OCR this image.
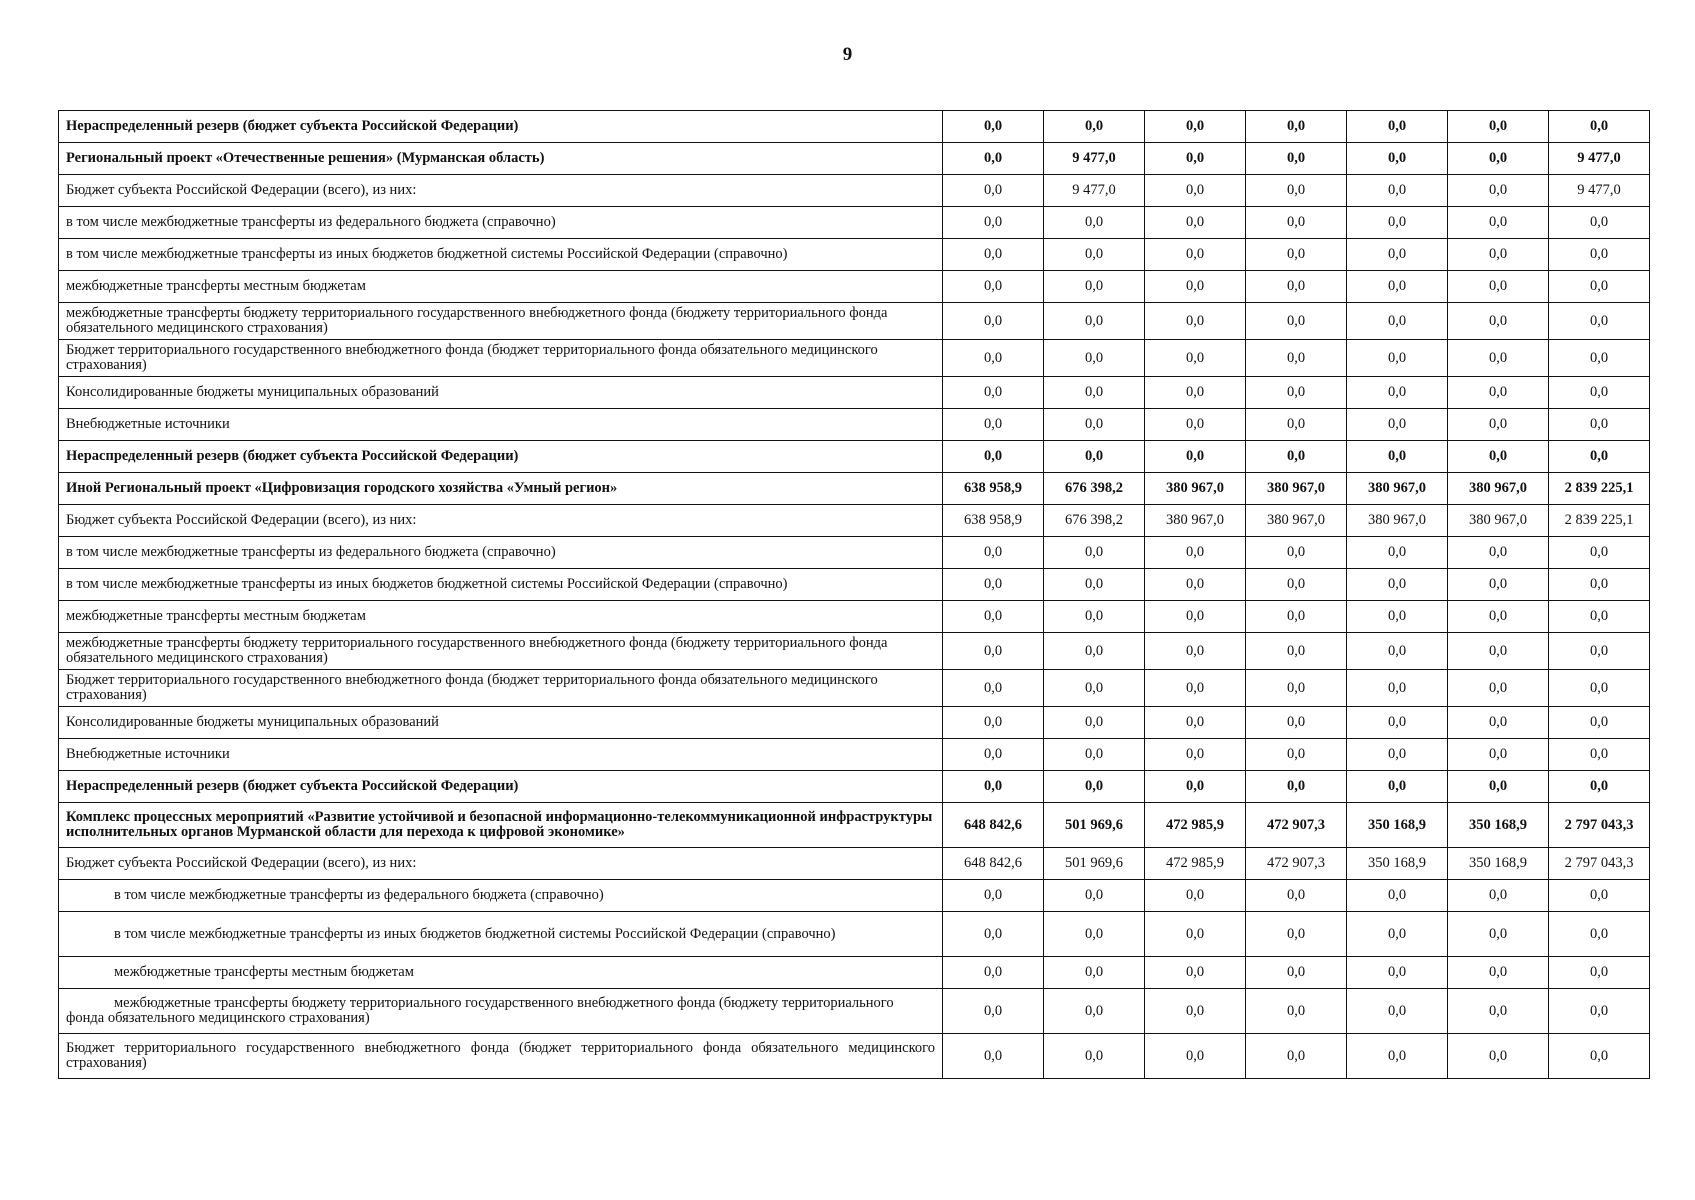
9
Нераспределенный резерв (бюджет субъекта Российской Федерации)	0,0	0,0	0,0	0,0	0,0	0,0	0,0
Региональный проект «Отечественные решения» (Мурманская область)	0,0	9 477,0	0,0	0,0	0,0	0,0	9 477,0
Бюджет субъекта Российской Федерации (всего), из них:	0,0	9 477,0	0,0	0,0	0,0	0,0	9 477,0
в том числе межбюджетные трансферты из федерального бюджета (справочно)	0,0	0,0	0,0	0,0	0,0	0,0	0,0
в том числе межбюджетные трансферты из иных бюджетов бюджетной системы Российской Федерации (справочно)	0,0	0,0	0,0	0,0	0,0	0,0	0,0
межбюджетные трансферты местным бюджетам	0,0	0,0	0,0	0,0	0,0	0,0	0,0
межбюджетные трансферты бюджету территориального государственного внебюджетного фонда (бюджету территориального фонда обязательного медицинского страхования)	0,0	0,0	0,0	0,0	0,0	0,0	0,0
Бюджет территориального государственного внебюджетного фонда (бюджет территориального фонда обязательного медицинского страхования)	0,0	0,0	0,0	0,0	0,0	0,0	0,0
Консолидированные бюджеты муниципальных образований	0,0	0,0	0,0	0,0	0,0	0,0	0,0
Внебюджетные источники	0,0	0,0	0,0	0,0	0,0	0,0	0,0
Нераспределенный резерв (бюджет субъекта Российской Федерации)	0,0	0,0	0,0	0,0	0,0	0,0	0,0
Иной Региональный проект «Цифровизация городского хозяйства «Умный регион»	638 958,9	676 398,2	380 967,0	380 967,0	380 967,0	380 967,0	2 839 225,1
Бюджет субъекта Российской Федерации (всего), из них:	638 958,9	676 398,2	380 967,0	380 967,0	380 967,0	380 967,0	2 839 225,1
в том числе межбюджетные трансферты из федерального бюджета (справочно)	0,0	0,0	0,0	0,0	0,0	0,0	0,0
в том числе межбюджетные трансферты из иных бюджетов бюджетной системы Российской Федерации (справочно)	0,0	0,0	0,0	0,0	0,0	0,0	0,0
межбюджетные трансферты местным бюджетам	0,0	0,0	0,0	0,0	0,0	0,0	0,0
межбюджетные трансферты бюджету территориального государственного внебюджетного фонда (бюджету территориального фонда обязательного медицинского страхования)	0,0	0,0	0,0	0,0	0,0	0,0	0,0
Бюджет территориального государственного внебюджетного фонда (бюджет территориального фонда обязательного медицинского страхования)	0,0	0,0	0,0	0,0	0,0	0,0	0,0
Консолидированные бюджеты муниципальных образований	0,0	0,0	0,0	0,0	0,0	0,0	0,0
Внебюджетные источники	0,0	0,0	0,0	0,0	0,0	0,0	0,0
Нераспределенный резерв (бюджет субъекта Российской Федерации)	0,0	0,0	0,0	0,0	0,0	0,0	0,0
Комплекс процессных мероприятий «Развитие устойчивой и безопасной информационно-телекоммуникационной инфраструктуры исполнительных органов Мурманской области для перехода к цифровой экономике»	648 842,6	501 969,6	472 985,9	472 907,3	350 168,9	350 168,9	2 797 043,3
Бюджет субъекта Российской Федерации (всего), из них:	648 842,6	501 969,6	472 985,9	472 907,3	350 168,9	350 168,9	2 797 043,3
в том числе межбюджетные трансферты из федерального бюджета (справочно)	0,0	0,0	0,0	0,0	0,0	0,0	0,0
в том числе межбюджетные трансферты из иных бюджетов бюджетной системы Российской Федерации (справочно)	0,0	0,0	0,0	0,0	0,0	0,0	0,0
межбюджетные трансферты местным бюджетам	0,0	0,0	0,0	0,0	0,0	0,0	0,0
межбюджетные трансферты бюджету территориального государственного внебюджетного фонда (бюджету территориального фонда обязательного медицинского страхования)	0,0	0,0	0,0	0,0	0,0	0,0	0,0
Бюджет территориального государственного внебюджетного фонда (бюджет территориального фонда обязательного медицинского страхования)	0,0	0,0	0,0	0,0	0,0	0,0	0,0
